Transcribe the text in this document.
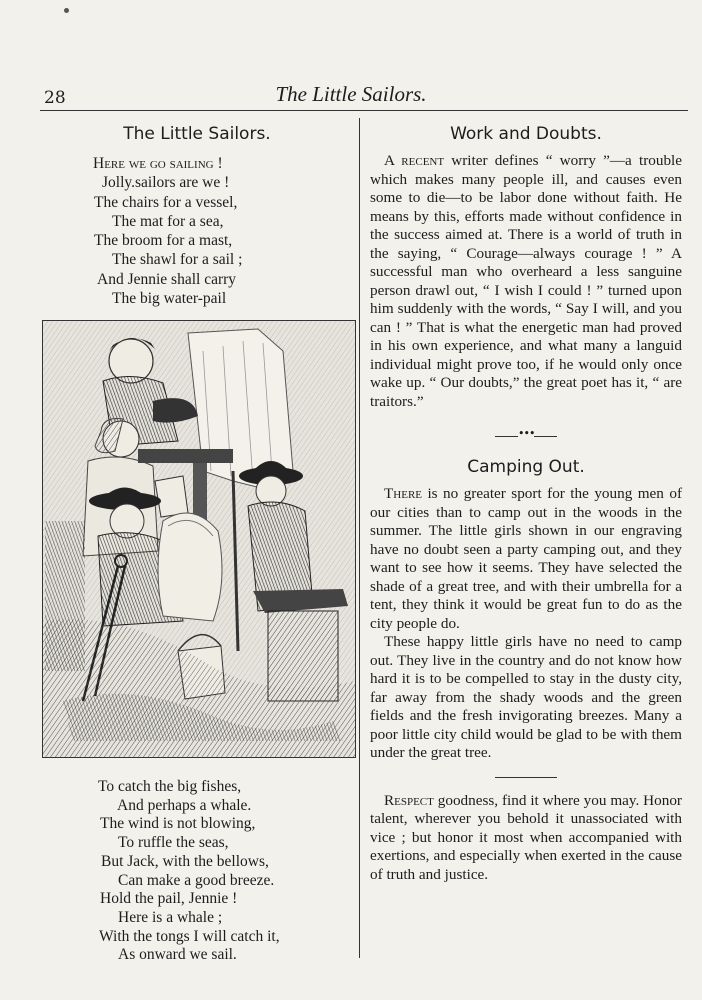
28	The Little Sailors.
The Little Sailors.
Here we go sailing !
Jolly.sailors are we !
The chairs for a vessel,
The mat for a sea,
The broom for a mast,
The shawl for a sail ;
And Jennie shall carry
The big water-pail
To catch the big fishes,
And perhaps a whale.
The wind is not blowing,
To ruffle the seas,
But Jack, with the bellows,
Can make a good breeze.
Hold the pail, Jennie !
Here is a whale ;
With the tongs I will catch it,
As onward we sail.
Work and Doubts.

A recent writer defines “ worry ”—a trouble which makes many people ill, and causes even some to die—to be labor done without faith. He means by this, efforts made without confidence in the success aimed at. There is a world of truth in the saying, “ Courage—always courage ! ” A successful man who overheard a less sanguine person drawl out, “ I wish I could ! ” turned upon him suddenly with the words, “ Say I will, and you can ! ” That is what the energetic man had proved in his own experience, and what many a languid individual might prove too, if he would only once wake up. “ Our doubts,” the great poet has it, “ are traitors.”

•••
Camping Out.

There is no greater sport for the young men of our cities than to camp out in the woods in the summer. The little girls shown in our engraving have no doubt seen a party camping out, and they want to see how it seems. They have selected the shade of a great tree, and with their umbrella for a tent, they think it would be great fun to do as the city people do.

These happy little girls have no need to camp out. They live in the country and do not know how hard it is to be compelled to stay in the dusty city, far away from the shady woods and the green fields and the fresh invigorating breezes. Many a poor little city child would be glad to be with them under the great tree.

Respect goodness, find it where you may. Honor talent, wherever you behold it unassociated with vice ; but honor it most when accompanied with exertions, and especially when exerted in the cause of truth and justice.
